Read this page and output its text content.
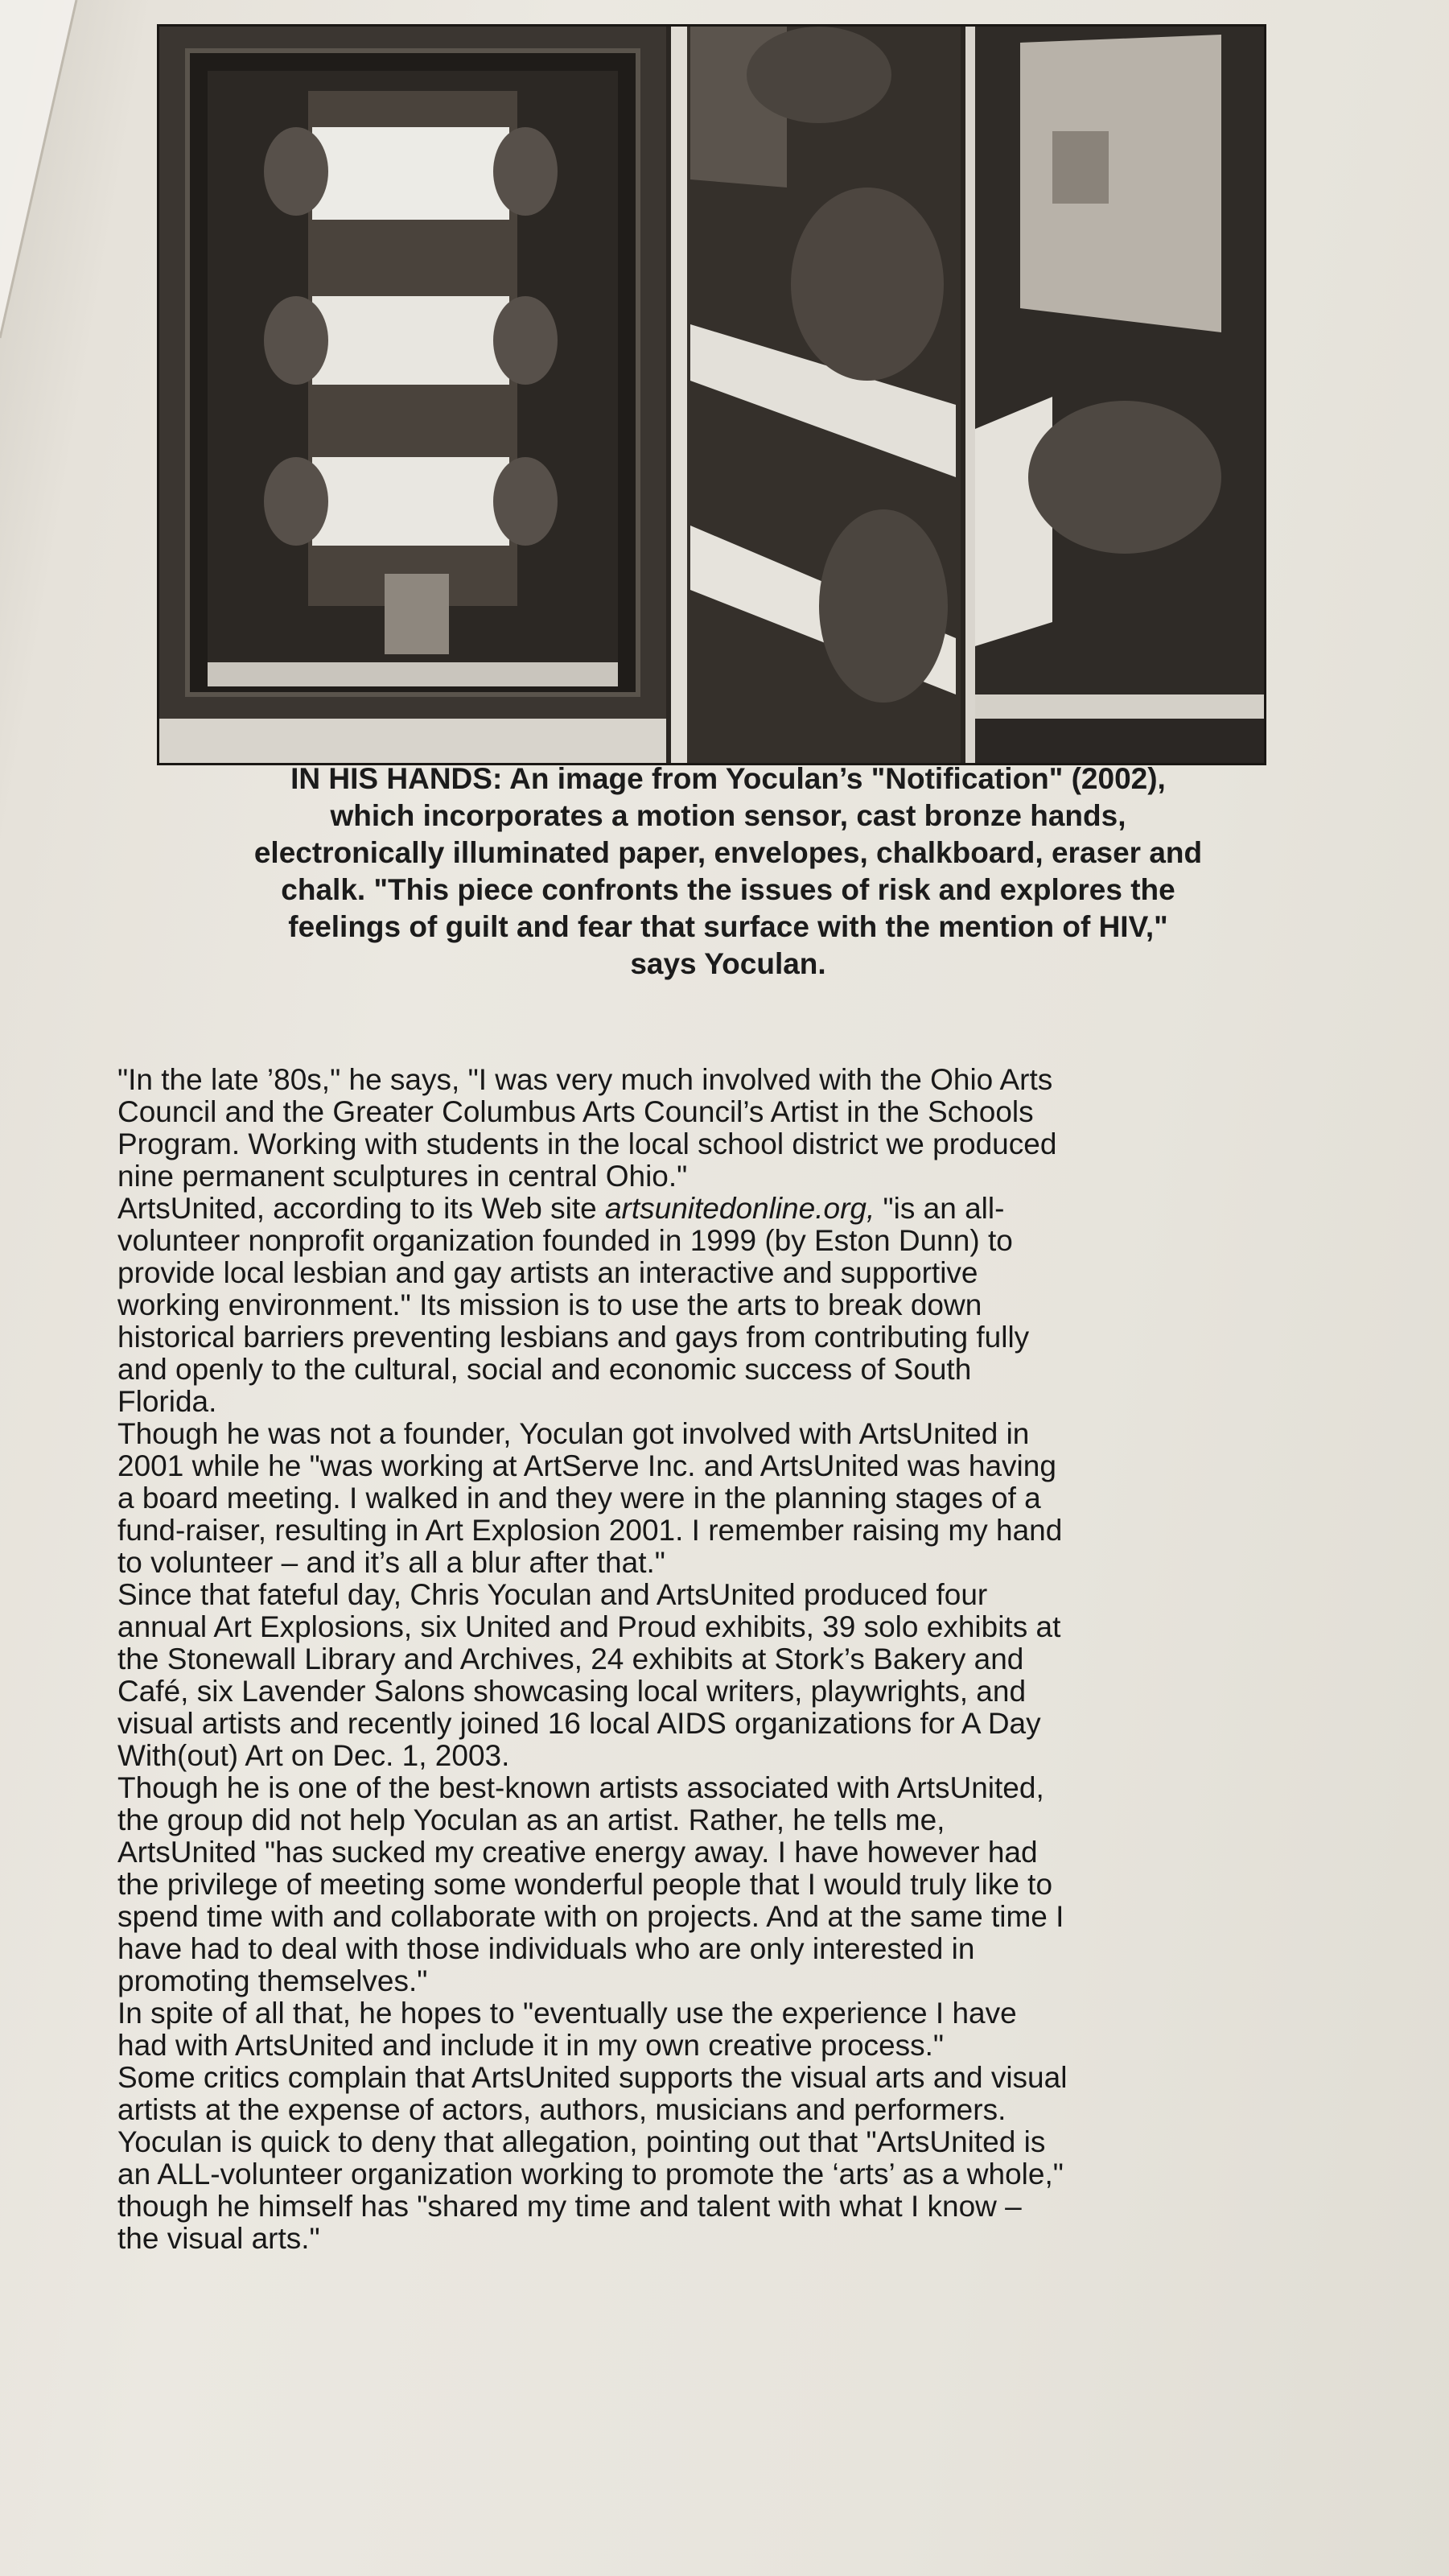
IN HIS HANDS: An image from Yoculan’s "Notification" (2002),
which incorporates a motion sensor, cast bronze hands,
electronically illuminated paper, envelopes, chalkboard, eraser and
chalk. "This piece confronts the issues of risk and explores the
feelings of guilt and fear that surface with the mention of HIV,"
says Yoculan.

"In the late ’80s," he says, "I was very much involved with the Ohio Arts
Council and the Greater Columbus Arts Council’s Artist in the Schools
Program. Working with students in the local school district we produced
nine permanent sculptures in central Ohio."

ArtsUnited, according to its Web site artsunitedonline.org, "is an all-
volunteer nonprofit organization founded in 1999 (by Eston Dunn) to
provide local lesbian and gay artists an interactive and supportive
working environment." Its mission is to use the arts to break down
historical barriers preventing lesbians and gays from contributing fully
and openly to the cultural, social and economic success of South
Florida.

Though he was not a founder, Yoculan got involved with ArtsUnited in
2001 while he "was working at ArtServe Inc. and ArtsUnited was having
a board meeting. I walked in and they were in the planning stages of a
fund-raiser, resulting in Art Explosion 2001. I remember raising my hand
to volunteer – and it’s all a blur after that."

Since that fateful day, Chris Yoculan and ArtsUnited produced four
annual Art Explosions, six United and Proud exhibits, 39 solo exhibits at
the Stonewall Library and Archives, 24 exhibits at Stork’s Bakery and
Café, six Lavender Salons showcasing local writers, playwrights, and
visual artists and recently joined 16 local AIDS organizations for A Day
With(out) Art on Dec. 1, 2003.

Though he is one of the best-known artists associated with ArtsUnited,
the group did not help Yoculan as an artist. Rather, he tells me,
ArtsUnited "has sucked my creative energy away. I have however had
the privilege of meeting some wonderful people that I would truly like to
spend time with and collaborate with on projects. And at the same time I
have had to deal with those individuals who are only interested in
promoting themselves."

In spite of all that, he hopes to "eventually use the experience I have
had with ArtsUnited and include it in my own creative process."

Some critics complain that ArtsUnited supports the visual arts and visual
artists at the expense of actors, authors, musicians and performers.
Yoculan is quick to deny that allegation, pointing out that "ArtsUnited is
an ALL-volunteer organization working to promote the ‘arts’ as a whole,"
though he himself has "shared my time and talent with what I know –
the visual arts."
